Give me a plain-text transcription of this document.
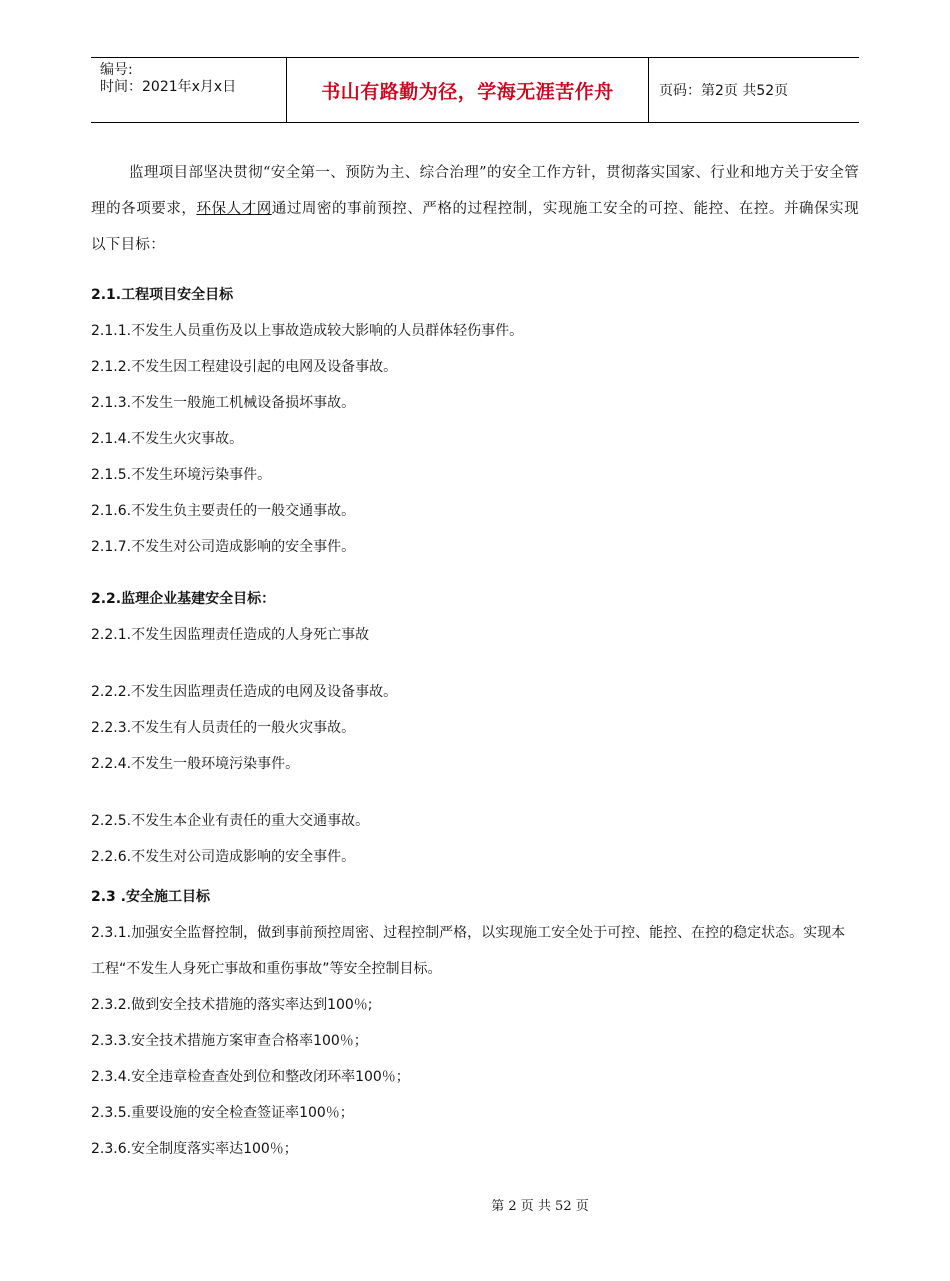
编号:
时间：2021年x月x日	书山有路勤为径，学海无涯苦作舟	页码：第2页 共52页

监理项目部坚决贯彻“安全第一、预防为主、综合治理”的安全工作方针，贯彻落实国家、行业和地方关于安全管理的各项要求，环保人才网通过周密的事前预控、严格的过程控制，实现施工安全的可控、能控、在控。并确保实现以下目标：

2.1.工程项目安全目标
2.1.1.不发生人员重伤及以上事故造成较大影响的人员群体轻伤事件。
2.1.2.不发生因工程建设引起的电网及设备事故。
2.1.3.不发生一般施工机械设备损坏事故。
2.1.4.不发生火灾事故。
2.1.5.不发生环境污染事件。
2.1.6.不发生负主要责任的一般交通事故。
2.1.7.不发生对公司造成影响的安全事件。
2.2.监理企业基建安全目标：
2.2.1.不发生因监理责任造成的人身死亡事故
2.2.2.不发生因监理责任造成的电网及设备事故。
2.2.3.不发生有人员责任的一般火灾事故。
2.2.4.不发生一般环境污染事件。
2.2.5.不发生本企业有责任的重大交通事故。
2.2.6.不发生对公司造成影响的安全事件。
2.3 .安全施工目标
2.3.1.加强安全监督控制，做到事前预控周密、过程控制严格，以实现施工安全处于可控、能控、在控的稳定状态。实现本工程“不发生人身死亡事故和重伤事故”等安全控制目标。
2.3.2.做到安全技术措施的落实率达到100％;
2.3.3.安全技术措施方案审查合格率100％；
2.3.4.安全违章检查查处到位和整改闭环率100％；
2.3.5.重要设施的安全检查签证率100％；
2.3.6.安全制度落实率达100％；
第 2 页 共 52 页
